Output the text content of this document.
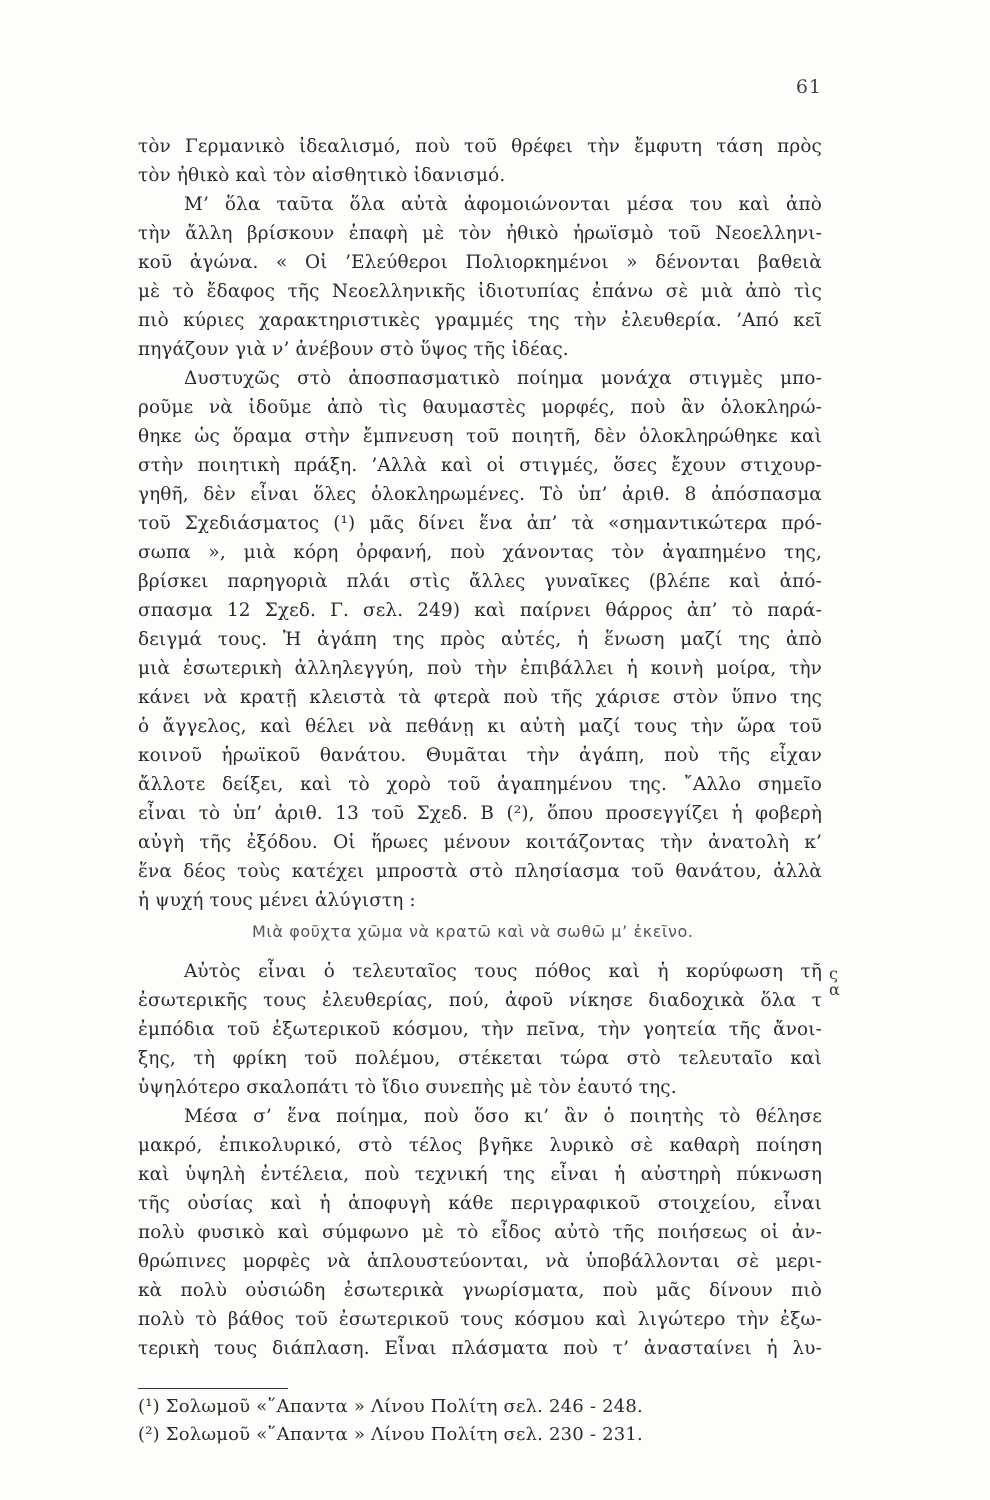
61
τὸν Γερμανικὸ ἰδεαλισμό, ποὺ τοῦ θρέφει τὴν ἔμφυτη τάση πρὸς
τὸν ἠθικὸ καὶ τὸν αἰσθητικὸ ἰδανισμό.
Μ’ ὅλα ταῦτα ὅλα αὐτὰ ἀφομοιώνονται μέσα του καὶ ἀπὸ
τὴν ἄλλη βρίσκουν ἐπαφὴ μὲ τὸν ἠθικὸ ἡρωϊσμὸ τοῦ Νεοελληνι-
κοῦ ἀγώνα. « Οἱ ’Ελεύθεροι Πολιορκημένοι » δένονται βαθειὰ
μὲ τὸ ἔδαφος τῆς Νεοελληνικῆς ἰδιοτυπίας ἐπάνω σὲ μιὰ ἀπὸ τὶς
πιὸ κύριες χαρακτηριστικὲς γραμμές της τὴν ἐλευθερία. ’Από κεῖ
πηγάζουν γιὰ ν’ ἀνέβουν στὸ ὕψος τῆς ἰδέας.
Δυστυχῶς στὸ ἀποσπασματικὸ ποίημα μονάχα στιγμὲς μπο-
ροῦμε νὰ ἰδοῦμε ἀπὸ τὶς θαυμαστὲς μορφές, ποὺ ἂν ὁλοκληρώ-
θηκε ὡς ὅραμα στὴν ἔμπνευση τοῦ ποιητῆ, δὲν ὁλοκληρώθηκε καὶ
στὴν ποιητικὴ πράξη. ’Αλλὰ καὶ οἱ στιγμές, ὅσες ἔχουν στιχουρ-
γηθῆ, δὲν εἶναι ὅλες ὁλοκληρωμένες. Τὸ ὑπ’ ἀριθ. 8 ἀπόσπασμα
τοῦ Σχεδιάσματος (¹) μᾶς δίνει ἕνα ἀπ’ τὰ «σημαντικώτερα πρό-
σωπα », μιὰ κόρη ὀρφανή, ποὺ χάνοντας τὸν ἀγαπημένο της,
βρίσκει παρηγοριὰ πλάι στὶς ἄλλες γυναῖκες (βλέπε καὶ ἀπό-
σπασμα 12 Σχεδ. Γ. σελ. 249) καὶ παίρνει θάρρος ἀπ’ τὸ παρά-
δειγμά τους. Ἡ ἀγάπη της πρὸς αὐτές, ἡ ἕνωση μαζί της ἀπὸ
μιὰ ἐσωτερικὴ ἀλληλεγγύη, ποὺ τὴν ἐπιβάλλει ἡ κοινὴ μοίρα, τὴν
κάνει νὰ κρατῇ κλειστὰ τὰ φτερὰ ποὺ τῆς χάρισε στὸν ὕπνο της
ὁ ἄγγελος, καὶ θέλει νὰ πεθάνῃ κι αὐτὴ μαζί τους τὴν ὥρα τοῦ
κοινοῦ ἡρωϊκοῦ θανάτου. Θυμᾶται τὴν ἀγάπη, ποὺ τῆς εἶχαν
ἄλλοτε δείξει, καὶ τὸ χορὸ τοῦ ἀγαπημένου της. ῎Αλλο σημεῖο
εἶναι τὸ ὑπ’ ἀριθ. 13 τοῦ Σχεδ. Β (²), ὅπου προσεγγίζει ἡ φοβερὴ
αὐγὴ τῆς ἐξόδου. Οἱ ἥρωες μένουν κοιτάζοντας τὴν ἀνατολὴ κ’
ἕνα δέος τοὺς κατέχει μπροστὰ στὸ πλησίασμα τοῦ θανάτου, ἀλλὰ
ἡ ψυχή τους μένει ἀλύγιστη :
Μιὰ φοῦχτα χῶμα νὰ κρατῶ καὶ νὰ σωθῶ μ’ ἐκεῖνο.
Αὐτὸς εἶναι ὁ τελευταῖος τους πόθος καὶ ἡ κορύφωση τῆ
ἐσωτερικῆς τους ἐλευθερίας, πού, ἀφοῦ νίκησε διαδοχικὰ ὅλα τ
ἐμπόδια τοῦ ἐξωτερικοῦ κόσμου, τὴν πεῖνα, τὴν γοητεία τῆς ἄνοι-
ξης, τὴ φρίκη τοῦ πολέμου, στέκεται τώρα στὸ τελευταῖο καὶ
ὑψηλότερο σκαλοπάτι τὸ ἴδιο συνεπὴς μὲ τὸν ἑαυτό της.
Μέσα σ’ ἕνα ποίημα, ποὺ ὅσο κι’ ἂν ὁ ποιητὴς τὸ θέλησε
μακρό, ἐπικολυρικό, στὸ τέλος βγῆκε λυρικὸ σὲ καθαρὴ ποίηση
καὶ ὑψηλὴ ἐντέλεια, ποὺ τεχνική της εἶναι ἡ αὐστηρὴ πύκνωση
τῆς οὐσίας καὶ ἡ ἀποφυγὴ κάθε περιγραφικοῦ στοιχείου, εἶναι
πολὺ φυσικὸ καὶ σύμφωνο μὲ τὸ εἶδος αὐτὸ τῆς ποιήσεως οἱ ἀν-
θρώπινες μορφὲς νὰ ἁπλουστεύονται, νὰ ὑποβάλλονται σὲ μερι-
κὰ πολὺ οὐσιώδη ἐσωτερικὰ γνωρίσματα, ποὺ μᾶς δίνουν πιὸ
πολὺ τὸ βάθος τοῦ ἐσωτερικοῦ τους κόσμου καὶ λιγώτερο τὴν ἐξω-
τερικὴ τους διάπλαση. Εἶναι πλάσματα ποὺ τ’ ἀνασταίνει ἡ λυ-
ς
α
(¹) Σολωμοῦ «῞Απαντα » Λίνου Πολίτη σελ. 246 - 248.
(²) Σολωμοῦ «῞Απαντα » Λίνου Πολίτη σελ. 230 - 231.
